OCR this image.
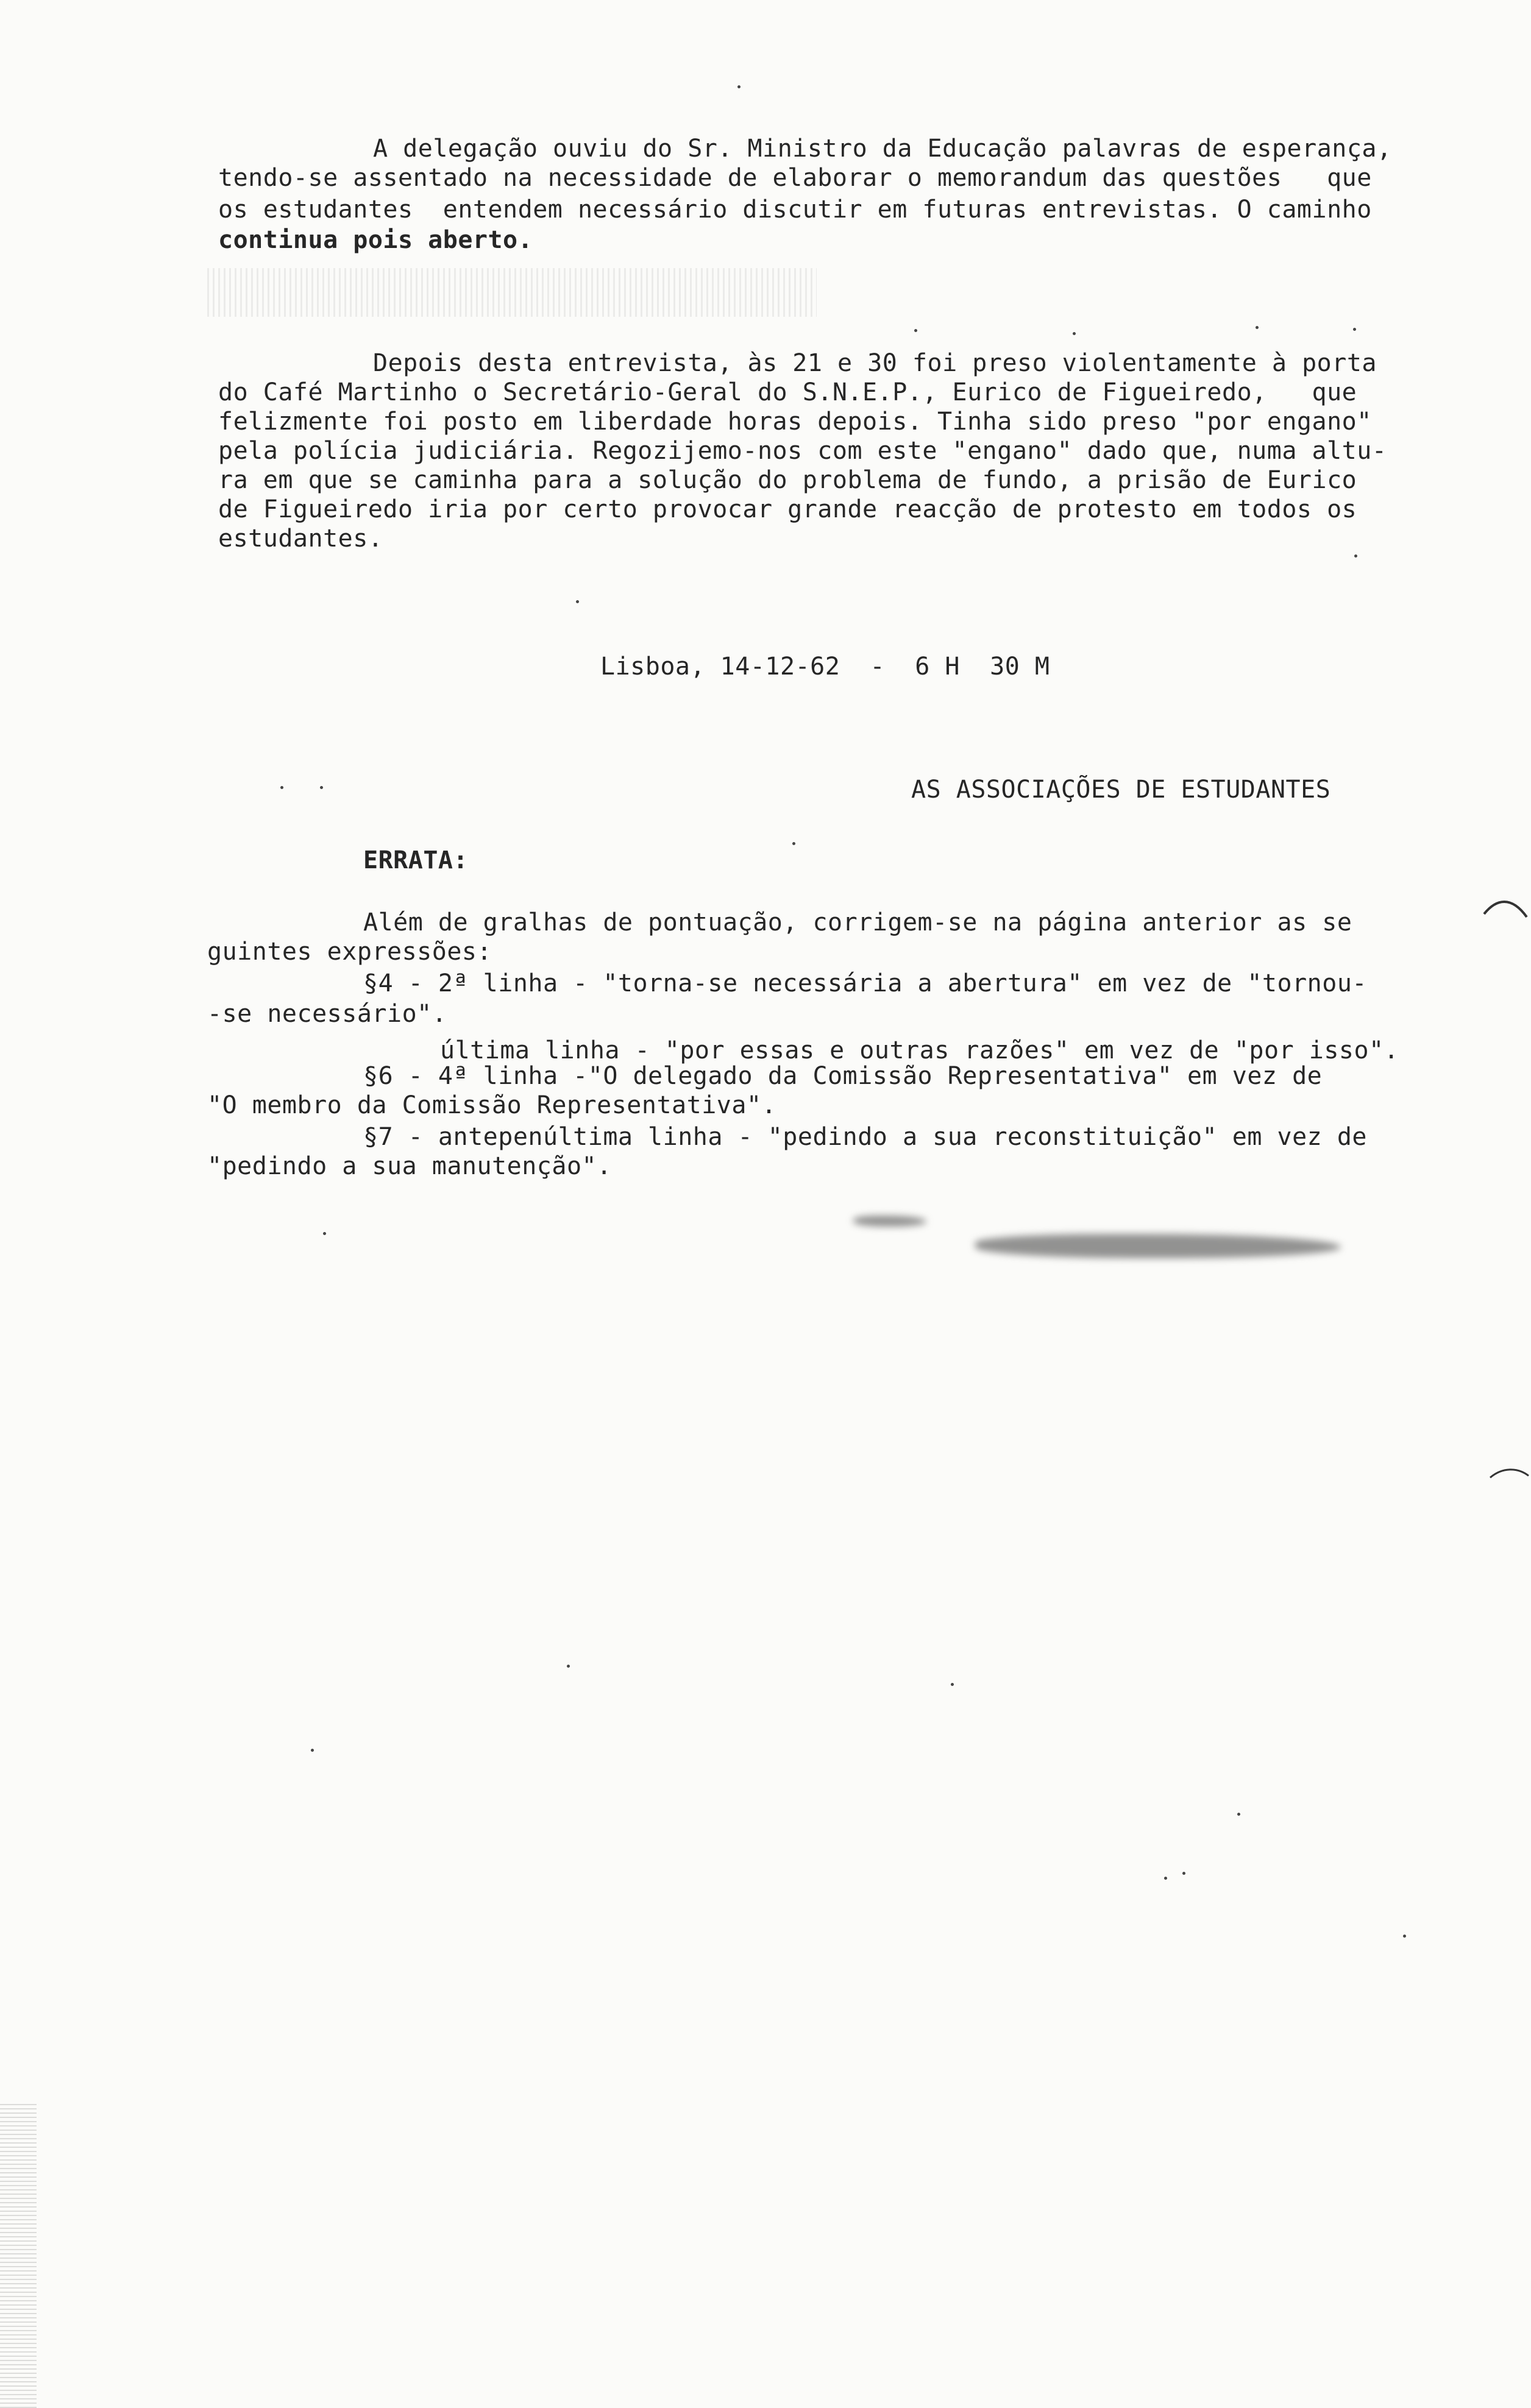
A delegação ouviu do Sr. Ministro da Educação palavras de esperança,
tendo-se assentado na necessidade de elaborar o memorandum das questões   que
os estudantes  entendem necessário discutir em futuras entrevistas. O caminho
continua pois aberto.
Depois desta entrevista, às 21 e 30 foi preso violentamente à porta
do Café Martinho o Secretário-Geral do S.N.E.P., Eurico de Figueiredo,   que
felizmente foi posto em liberdade horas depois. Tinha sido preso "por engano"
pela polícia judiciária. Regozijemo-nos com este "engano" dado que, numa altu-
ra em que se caminha para a solução do problema de fundo, a prisão de Eurico
de Figueiredo iria por certo provocar grande reacção de protesto em todos os
estudantes.
Lisboa, 14-12-62  -  6 H  30 M
AS ASSOCIAÇÕES DE ESTUDANTES
ERRATA:
Além de gralhas de pontuação, corrigem-se na página anterior as se
guintes expressões:
§4 - 2ª linha - "torna-se necessária a abertura" em vez de "tornou-
-se necessário".
última linha - "por essas e outras razões" em vez de "por isso".
§6 - 4ª linha -"O delegado da Comissão Representativa" em vez de
"O membro da Comissão Representativa".
§7 - antepenúltima linha - "pedindo a sua reconstituição" em vez de
"pedindo a sua manutenção".
